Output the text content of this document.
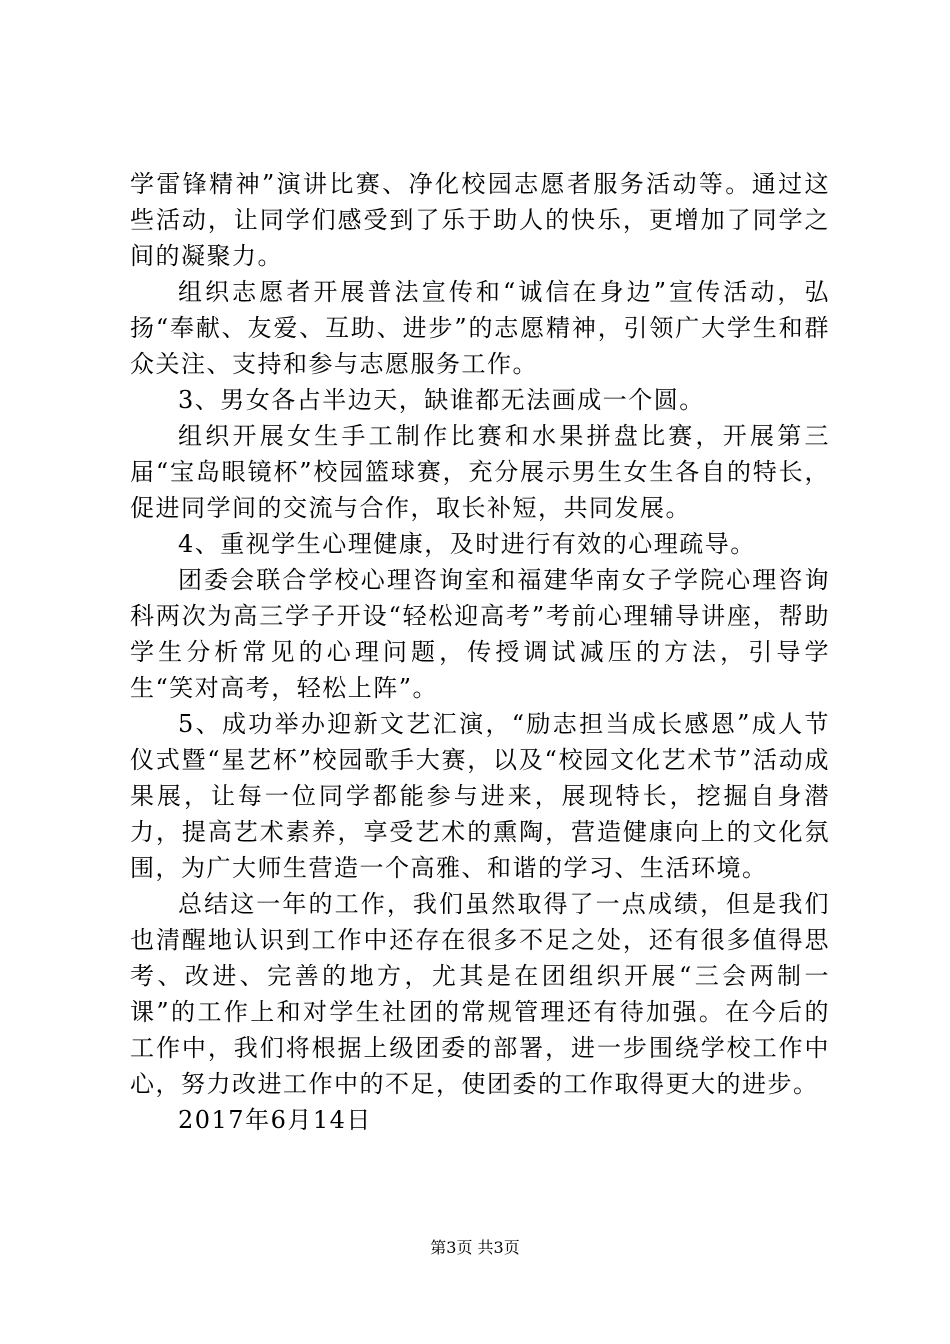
学雷锋精神”演讲比赛、净化校园志愿者服务活动等。通过这些活动，让同学们感受到了乐于助人的快乐，更增加了同学之间的凝聚力。

组织志愿者开展普法宣传和“诚信在身边”宣传活动，弘扬“奉献、友爱、互助、进步”的志愿精神，引领广大学生和群众关注、支持和参与志愿服务工作。

3、男女各占半边天，缺谁都无法画成一个圆。

组织开展女生手工制作比赛和水果拼盘比赛，开展第三届“宝岛眼镜杯”校园篮球赛，充分展示男生女生各自的特长，促进同学间的交流与合作，取长补短，共同发展。

4、重视学生心理健康，及时进行有效的心理疏导。

团委会联合学校心理咨询室和福建华南女子学院心理咨询科两次为高三学子开设“轻松迎高考”考前心理辅导讲座，帮助学生分析常见的心理问题，传授调试减压的方法，引导学生“笑对高考，轻松上阵”。

5、成功举办迎新文艺汇演，“励志担当成长感恩”成人节仪式暨“星艺杯”校园歌手大赛，以及“校园文化艺术节”活动成果展，让每一位同学都能参与进来，展现特长，挖掘自身潜力，提高艺术素养，享受艺术的熏陶，营造健康向上的文化氛围，为广大师生营造一个高雅、和谐的学习、生活环境。

总结这一年的工作，我们虽然取得了一点成绩，但是我们也清醒地认识到工作中还存在很多不足之处，还有很多值得思考、改进、完善的地方，尤其是在团组织开展“三会两制一课”的工作上和对学生社团的常规管理还有待加强。在今后的工作中，我们将根据上级团委的部署，进一步围绕学校工作中心，努力改进工作中的不足，使团委的工作取得更大的进步。

2017年6月14日

第3页 共3页
